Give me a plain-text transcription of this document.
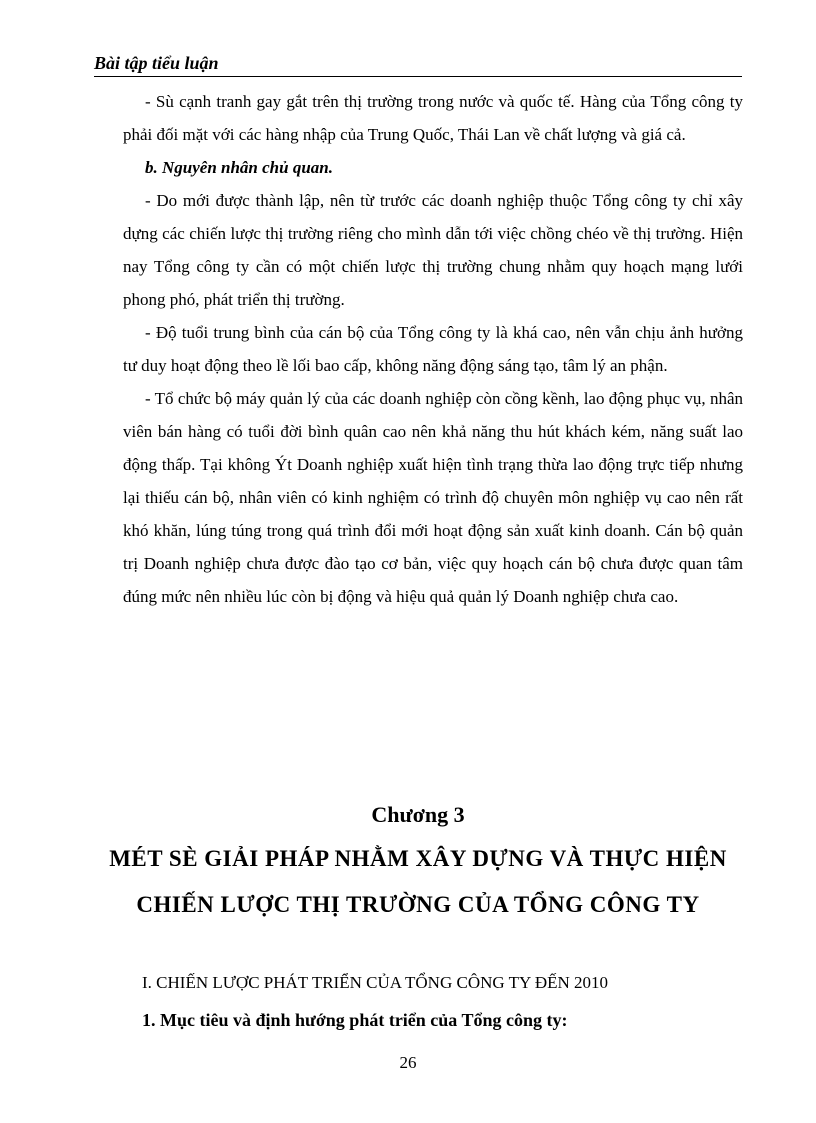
Bài tập tiểu luận

- Sù cạnh tranh gay gắt trên thị trường trong nước và quốc tế. Hàng của Tổng công ty phải đối mặt với các hàng nhập của Trung Quốc, Thái Lan về chất lượng và giá cả.

b. Nguyên nhân chủ quan.

- Do mới được thành lập, nên từ trước các doanh nghiệp thuộc Tổng công ty chỉ xây dựng các chiến lược thị trường riêng cho mình dẫn tới việc chồng chéo về thị trường. Hiện nay Tổng công ty cần có một chiến lược thị trường chung nhằm quy hoạch mạng lưới phong phó, phát triển thị trường.

- Độ tuổi trung bình của cán bộ của Tổng công ty là khá cao, nên vẫn chịu ảnh hưởng tư duy hoạt động theo lề lối bao cấp, không năng động sáng tạo, tâm lý an phận.

- Tổ chức bộ máy quản lý của các doanh nghiệp còn cồng kềnh, lao động phục vụ, nhân viên bán hàng có tuổi đời bình quân cao nên khả năng thu hút khách kém, năng suất lao động thấp. Tại không Ýt Doanh nghiệp xuất hiện tình trạng thừa lao động trực tiếp nhưng lại thiếu cán bộ, nhân viên có kinh nghiệm có trình độ chuyên môn nghiệp vụ cao nên rất khó khăn, lúng túng trong quá trình đổi mới hoạt động sản xuất kinh doanh. Cán bộ quản trị Doanh nghiệp chưa được đào tạo cơ bản, việc quy hoạch cán bộ chưa được quan tâm đúng mức nên nhiều lúc còn bị động và hiệu quả quản lý Doanh nghiệp chưa cao.

Chương 3
MÉT SÈ GIẢI PHÁP NHẰM XÂY DỰNG VÀ THỰC HIỆN
CHIẾN LƯỢC THỊ TRƯỜNG CỦA TỔNG CÔNG TY
I. CHIẾN LƯỢC PHÁT TRIỂN CỦA TỔNG CÔNG TY ĐẾN 2010
1. Mục tiêu và định hướng phát triển của Tổng công ty:
26
